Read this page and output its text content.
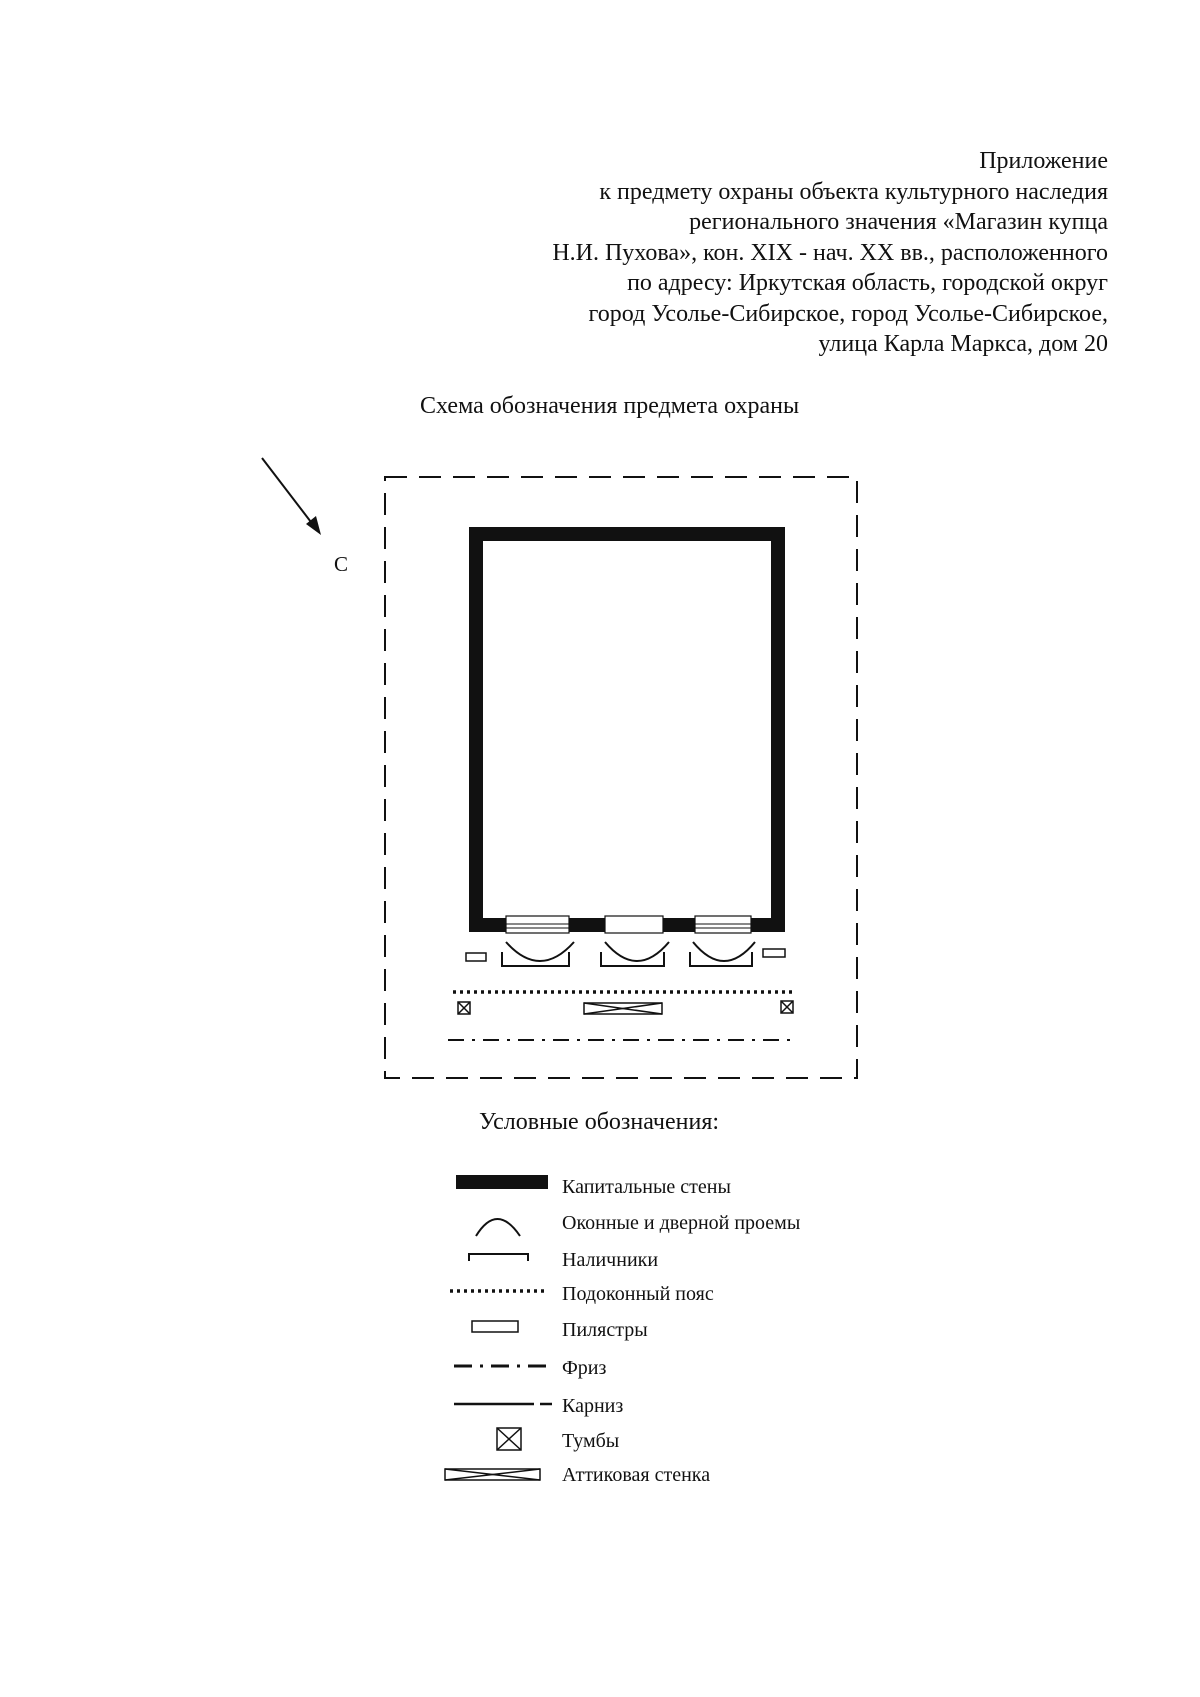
Приложение
к предмету охраны объекта культурного наследия
регионального значения «Магазин купца
Н.И. Пухова», кон. XIX - нач. XX вв., расположенного
по адресу: Иркутская область, городской округ
город Усолье-Сибирское, город Усолье-Сибирское,
улица Карла Маркса, дом 20
Схема обозначения предмета охраны
С
Условные обозначения:
Капитальные стены
Оконные и дверной проемы
Наличники
Подоконный пояс
Пилястры
Фриз
Карниз
Тумбы
Аттиковая стенка
